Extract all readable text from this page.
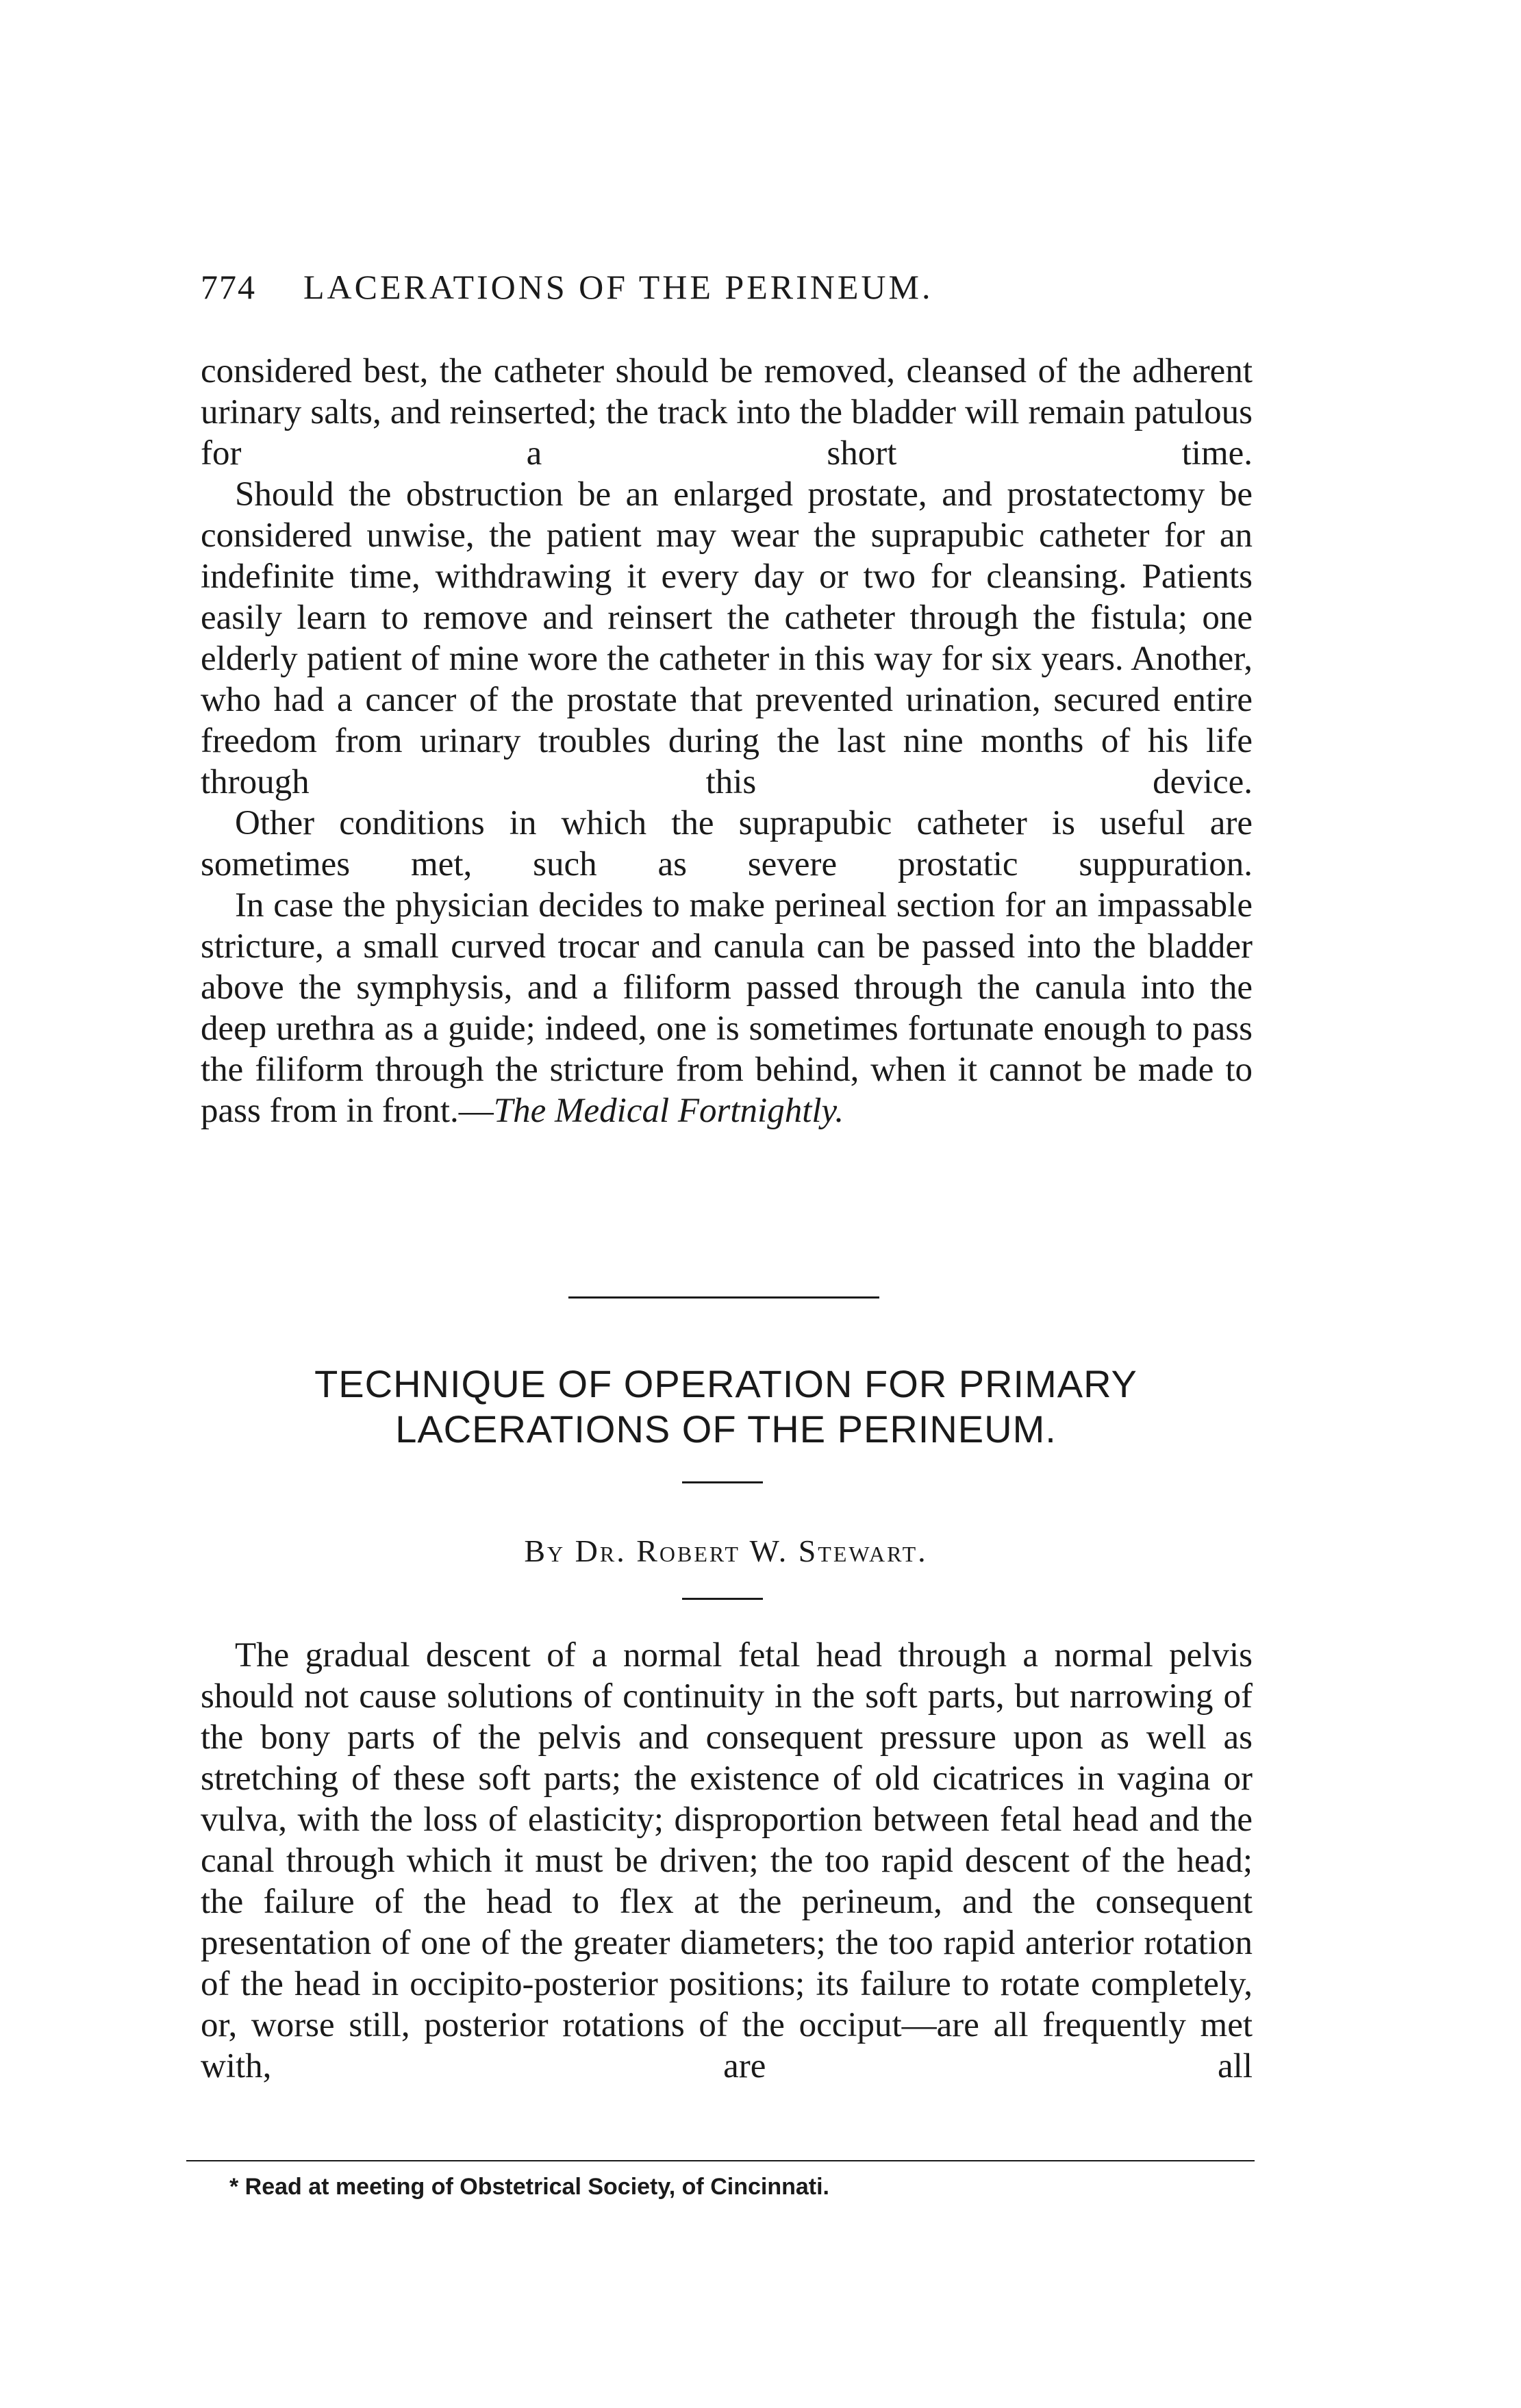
774 LACERATIONS OF THE PERINEUM.

considered best, the catheter should be removed, cleansed of the adherent urinary salts, and reinserted; the track into the bladder will remain patulous for a short time.

Should the obstruction be an enlarged prostate, and prostatectomy be considered unwise, the patient may wear the suprapubic catheter for an indefinite time, withdrawing it every day or two for cleansing. Patients easily learn to remove and reinsert the catheter through the fistula; one elderly patient of mine wore the catheter in this way for six years. Another, who had a cancer of the prostate that prevented urination, secured entire freedom from urinary troubles during the last nine months of his life through this device.

Other conditions in which the suprapubic catheter is useful are sometimes met, such as severe prostatic suppuration.

In case the physician decides to make perineal section for an impassable stricture, a small curved trocar and canula can be passed into the bladder above the symphysis, and a filiform passed through the canula into the deep urethra as a guide; indeed, one is sometimes fortunate enough to pass the filiform through the stricture from behind, when it cannot be made to pass from in front.—The Medical Fortnightly.

TECHNIQUE OF OPERATION FOR PRIMARY
LACERATIONS OF THE PERINEUM.
By Dr. Robert W. Stewart.

The gradual descent of a normal fetal head through a normal pelvis should not cause solutions of continuity in the soft parts, but narrowing of the bony parts of the pelvis and consequent pressure upon as well as stretching of these soft parts; the existence of old cicatrices in vagina or vulva, with the loss of elasticity; disproportion between fetal head and the canal through which it must be driven; the too rapid descent of the head; the failure of the head to flex at the perineum, and the consequent presentation of one of the greater diameters; the too rapid anterior rotation of the head in occipito-posterior positions; its failure to rotate completely, or, worse still, posterior rotations of the occiput—are all frequently met with, are all

* Read at meeting of Obstetrical Society, of Cincinnati.
